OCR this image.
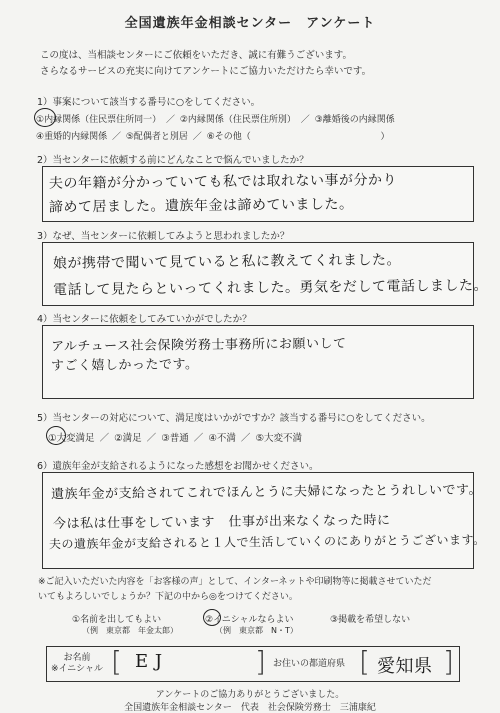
全国遺族年金相談センター　アンケート
この度は、当相談センターにご依頼をいただき、誠に有難うございます。
さらなるサービスの充実に向けてアンケートにご協力いただけたら幸いです。
1）事案について該当する番号に○をしてください。
①内縁関係（住民票住所同一） ／ ②内縁関係（住民票住所別） ／ ③離婚後の内縁関係
④重婚的内縁関係 ／ ⑤配偶者と別居 ／ ⑥その他（	）
2）当センターに依頼する前にどんなことで悩んでいましたか？
夫の年籍が分かっていても私では取れない事が分かり
諦めて居ました。遺族年金は諦めていました。
3）なぜ、当センターに依頼してみようと思われましたか？
娘が携帯で聞いて見ていると私に教えてくれました。
電話して見たらといってくれました。勇気をだして電話しました。
4）当センターに依頼をしてみていかがでしたか？
アルチュース社会保険労務士事務所にお願いして
すごく嬉しかったです。
5）当センターの対応について、満足度はいかがですか？該当する番号に○をしてください。
①大変満足 ／ ②満足 ／ ③普通 ／ ④不満 ／ ⑤大変不満
6）遺族年金が支給されるようになった感想をお聞かせください。
遺族年金が支給されてこれでほんとうに夫婦になったとうれしいです。
今は私は仕事をしています　仕事が出来なくなった時に
夫の遺族年金が支給されると１人で生活していくのにありがとうございます。
※ご記入いただいた内容を「お客様の声」として、インターネットや印刷物等に掲載させていただ
いてもよろしいでしょうか？下記の中から◎をつけてください。
①名前を出してもよい
（例　東京都　年金太郎）
②イニシャルならよい
（例　東京都　N・T）
③掲載を希望しない
お名前
※イニシャル [ E J	] お住いの都道府県 [ 愛知県 ]
アンケートのご協力ありがとうございました。
全国遺族年金相談センター　代表　社会保険労務士　三浦康紀
